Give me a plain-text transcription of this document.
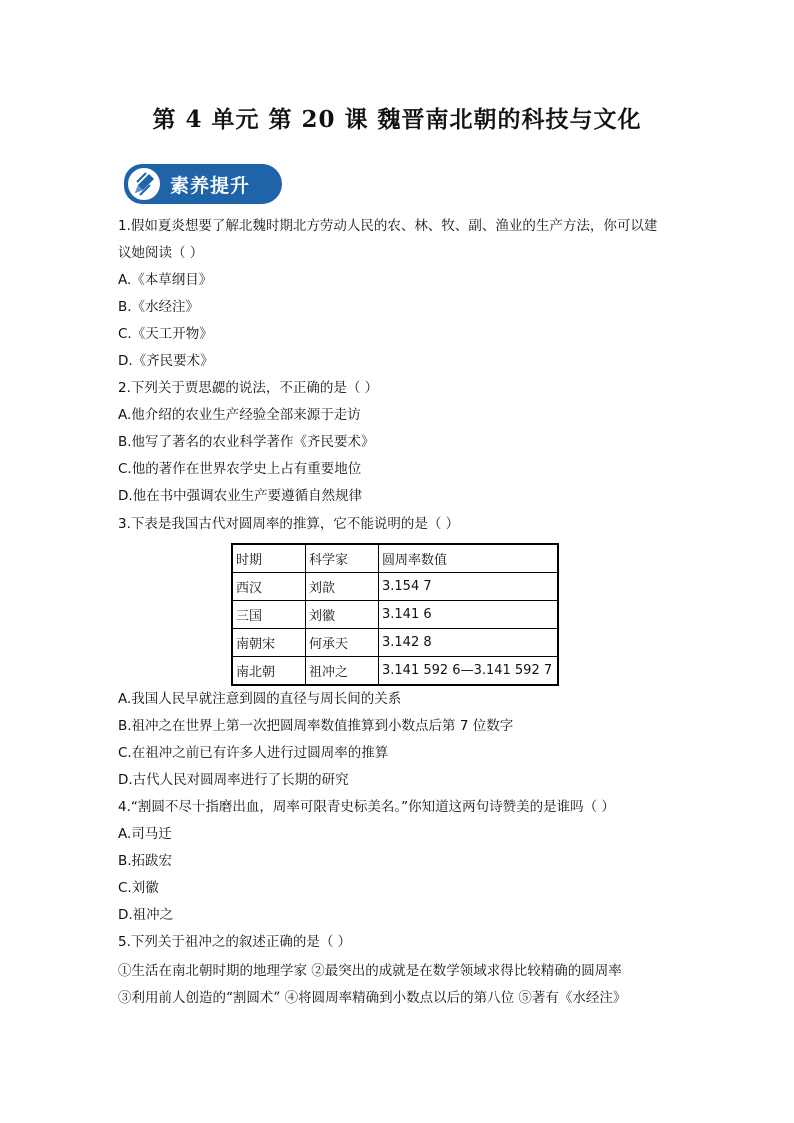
第 4 单元 第 20 课 魏晋南北朝的科技与文化
素养提升
1.假如夏炎想要了解北魏时期北方劳动人民的农、林、牧、副、渔业的生产方法，你可以建
议她阅读（ ）
A.《本草纲目》
B.《水经注》
C.《天工开物》
D.《齐民要术》
2.下列关于贾思勰的说法，不正确的是（ ）
A.他介绍的农业生产经验全部来源于走访
B.他写了著名的农业科学著作《齐民要术》
C.他的著作在世界农学史上占有重要地位
D.他在书中强调农业生产要遵循自然规律
3.下表是我国古代对圆周率的推算，它不能说明的是（ ）
时期	科学家	圆周率数值
西汉	刘歆	3.154 7
三国	刘徽	3.141 6
南朝宋	何承天	3.142 8
南北朝	祖冲之	3.141 592 6—3.141 592 7
A.我国人民早就注意到圆的直径与周长间的关系
B.祖冲之在世界上第一次把圆周率数值推算到小数点后第 7 位数字
C.在祖冲之前已有许多人进行过圆周率的推算
D.古代人民对圆周率进行了长期的研究
4.“割圆不尽十指磨出血，周率可限青史标美名。”你知道这两句诗赞美的是谁吗（ ）
A.司马迁
B.拓跋宏
C.刘徽
D.祖冲之
5.下列关于祖冲之的叙述正确的是（ ）
①生活在南北朝时期的地理学家 ②最突出的成就是在数学领域求得比较精确的圆周率
③利用前人创造的“割圆术” ④将圆周率精确到小数点以后的第八位 ⑤著有《水经注》
